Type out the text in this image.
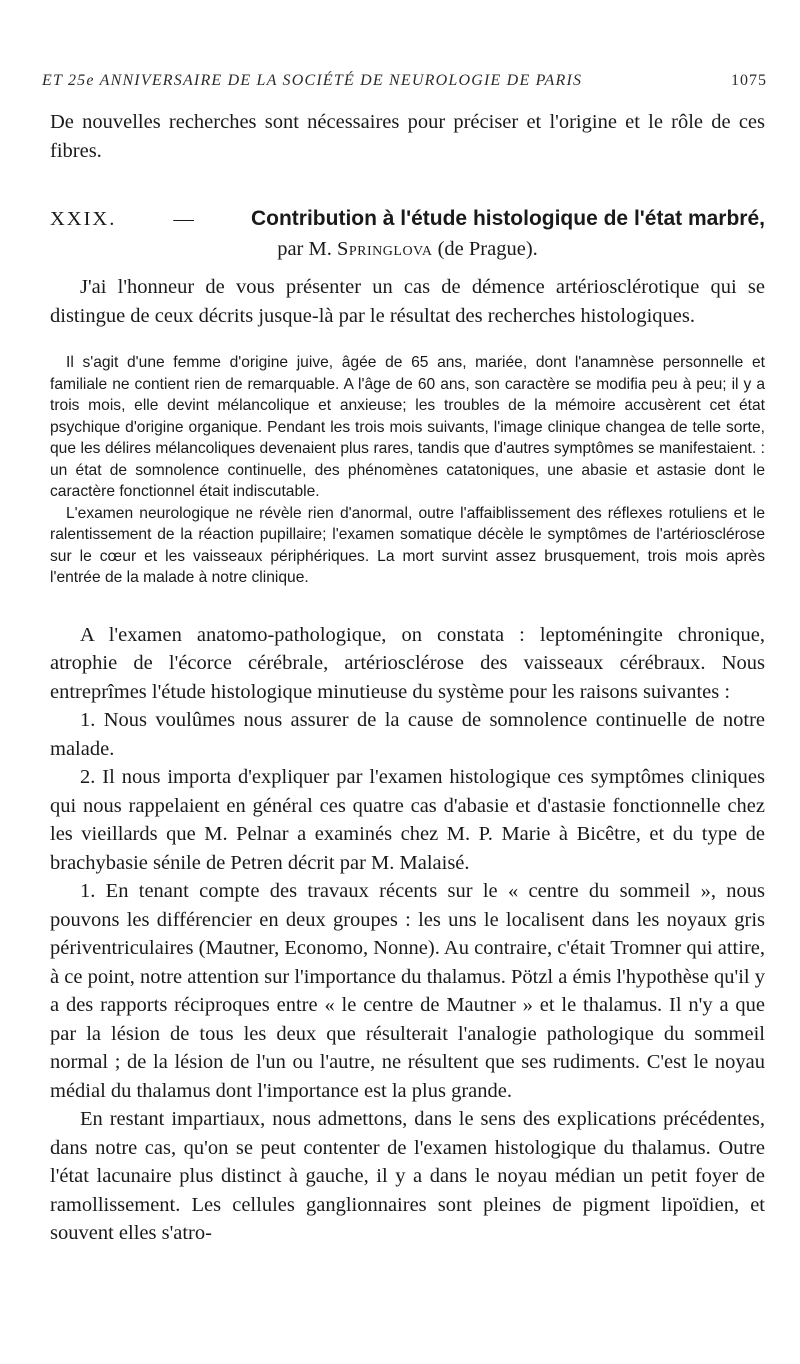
ET 25e ANNIVERSAIRE DE LA SOCIÉTÉ DE NEUROLOGIE DE PARIS	1075

De nouvelles recherches sont nécessaires pour préciser et l'origine et le rôle de ces fibres.

XXIX.	—	Contribution à l'étude histologique de l'état marbré,
par M. Springlova (de Prague).

J'ai l'honneur de vous présenter un cas de démence artériosclérotique qui se distingue de ceux décrits jusque-là par le résultat des recherches histologiques.

Il s'agit d'une femme d'origine juive, âgée de 65 ans, mariée, dont l'anamnèse personnelle et familiale ne contient rien de remarquable. A l'âge de 60 ans, son caractère se modifia peu à peu; il y a trois mois, elle devint mélancolique et anxieuse; les troubles de la mémoire accusèrent cet état psychique d'origine organique. Pendant les trois mois suivants, l'image clinique changea de telle sorte, que les délires mélancoliques devenaient plus rares, tandis que d'autres symptômes se manifestaient. : un état de somnolence continuelle, des phénomènes catatoniques, une abasie et astasie dont le caractère fonctionnel était indiscutable.

L'examen neurologique ne révèle rien d'anormal, outre l'affaiblissement des réflexes rotuliens et le ralentissement de la réaction pupillaire; l'examen somatique décèle le symptômes de l'artériosclérose sur le cœur et les vaisseaux périphériques. La mort survint assez brusquement, trois mois après l'entrée de la malade à notre clinique.

A l'examen anatomo-pathologique, on constata : leptoméningite chronique, atrophie de l'écorce cérébrale, artériosclérose des vaisseaux cérébraux. Nous entreprîmes l'étude histologique minutieuse du système pour les raisons suivantes :

1. Nous voulûmes nous assurer de la cause de somnolence continuelle de notre malade.

2. Il nous importa d'expliquer par l'examen histologique ces symptômes cliniques qui nous rappelaient en général ces quatre cas d'abasie et d'astasie fonctionnelle chez les vieillards que M. Pelnar a examinés chez M. P. Marie à Bicêtre, et du type de brachybasie sénile de Petren décrit par M. Malaisé.

1. En tenant compte des travaux récents sur le « centre du sommeil », nous pouvons les différencier en deux groupes : les uns le localisent dans les noyaux gris périventriculaires (Mautner, Economo, Nonne). Au contraire, c'était Tromner qui attire, à ce point, notre attention sur l'importance du thalamus. Pötzl a émis l'hypothèse qu'il y a des rapports réciproques entre « le centre de Mautner » et le thalamus. Il n'y a que par la lésion de tous les deux que résulterait l'analogie pathologique du sommeil normal ; de la lésion de l'un ou l'autre, ne résultent que ses rudiments. C'est le noyau médial du thalamus dont l'importance est la plus grande.

En restant impartiaux, nous admettons, dans le sens des explications précédentes, dans notre cas, qu'on se peut contenter de l'examen histologique du thalamus. Outre l'état lacunaire plus distinct à gauche, il y a dans le noyau médian un petit foyer de ramollissement. Les cellules ganglionnaires sont pleines de pigment lipoïdien, et souvent elles s'atro-
